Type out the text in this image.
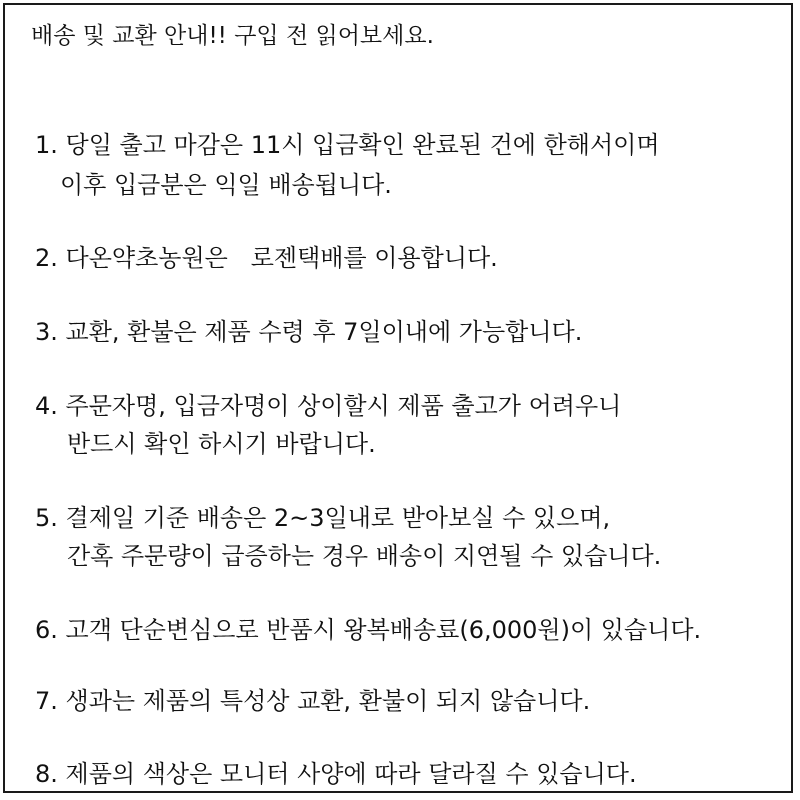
배송 및 교환 안내!! 구입 전 읽어보세요.
1. 당일 출고 마감은 11시 입금확인 완료된 건에 한해서이며
이후 입금분은 익일 배송됩니다.
2. 다온약초농원은   로젠택배를 이용합니다.
3. 교환, 환불은 제품 수령 후 7일이내에 가능합니다.
4. 주문자명, 입금자명이 상이할시 제품 출고가 어려우니
반드시 확인 하시기 바랍니다.
5. 결제일 기준 배송은 2~3일내로 받아보실 수 있으며,
간혹 주문량이 급증하는 경우 배송이 지연될 수 있습니다.
6. 고객 단순변심으로 반품시 왕복배송료(6,000원)이 있습니다.
7. 생과는 제품의 특성상 교환, 환불이 되지 않습니다.
8. 제품의 색상은 모니터 사양에 따라 달라질 수 있습니다.
